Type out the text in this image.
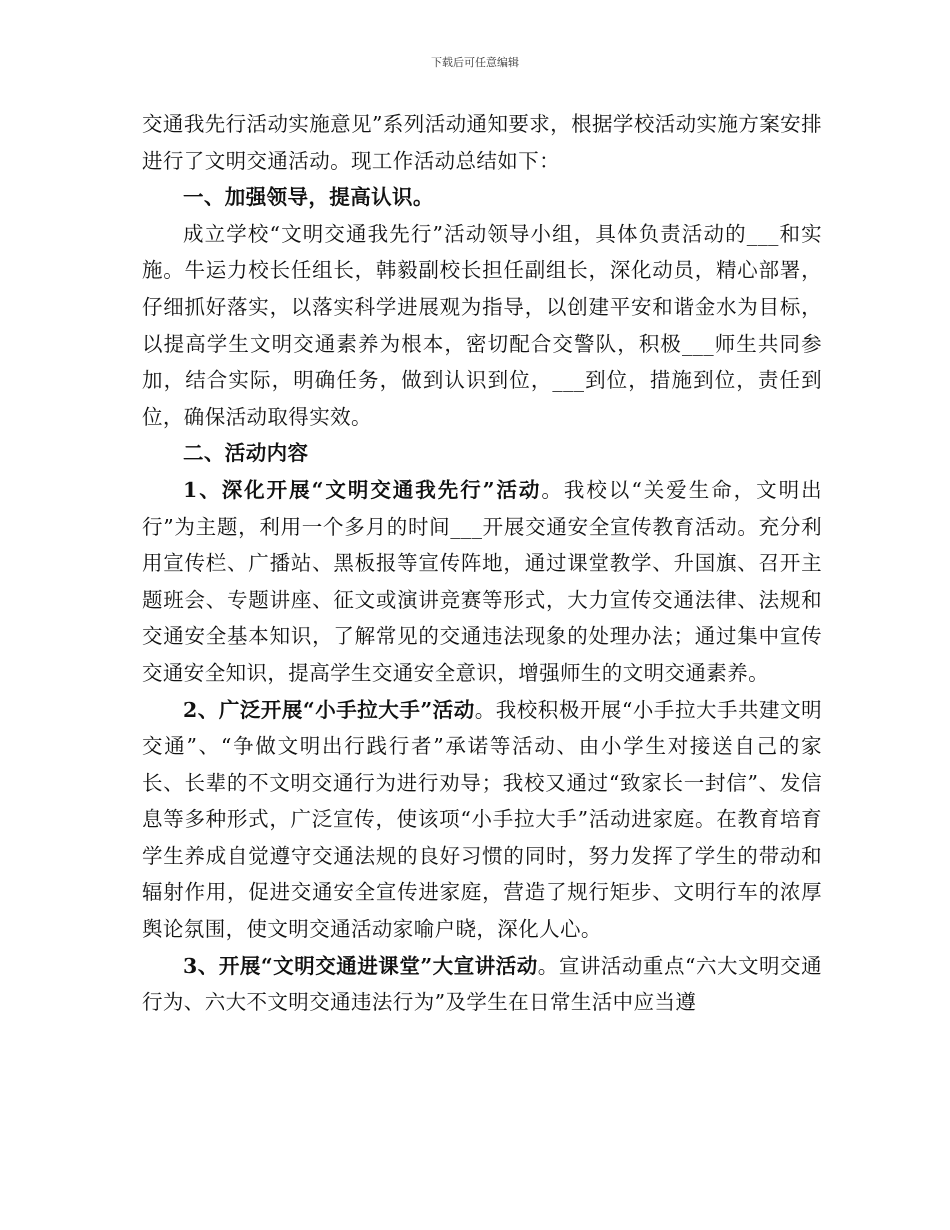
下载后可任意编辑

交通我先行活动实施意见”系列活动通知要求，根据学校活动实施方案安排进行了文明交通活动。现工作活动总结如下：

一、加强领导，提高认识。

成立学校“文明交通我先行”活动领导小组，具体负责活动的___和实施。牛运力校长任组长，韩毅副校长担任副组长，深化动员，精心部署，仔细抓好落实，以落实科学进展观为指导，以创建平安和谐金水为目标，以提高学生文明交通素养为根本，密切配合交警队，积极___师生共同参加，结合实际，明确任务，做到认识到位，___到位，措施到位，责任到位，确保活动取得实效。

二、活动内容

1、深化开展“文明交通我先行”活动。我校以“关爱生命，文明出行”为主题，利用一个多月的时间___开展交通安全宣传教育活动。充分利用宣传栏、广播站、黑板报等宣传阵地，通过课堂教学、升国旗、召开主题班会、专题讲座、征文或演讲竞赛等形式，大力宣传交通法律、法规和交通安全基本知识，了解常见的交通违法现象的处理办法；通过集中宣传交通安全知识，提高学生交通安全意识，增强师生的文明交通素养。

2、广泛开展“小手拉大手”活动。我校积极开展“小手拉大手共建文明交通”、“争做文明出行践行者”承诺等活动、由小学生对接送自己的家长、长辈的不文明交通行为进行劝导；我校又通过“致家长一封信”、发信息等多种形式，广泛宣传，使该项“小手拉大手”活动进家庭。在教育培育学生养成自觉遵守交通法规的良好习惯的同时，努力发挥了学生的带动和辐射作用，促进交通安全宣传进家庭，营造了规行矩步、文明行车的浓厚舆论氛围，使文明交通活动家喻户晓，深化人心。

3、开展“文明交通进课堂”大宣讲活动。宣讲活动重点“六大文明交通行为、六大不文明交通违法行为”及学生在日常生活中应当遵
